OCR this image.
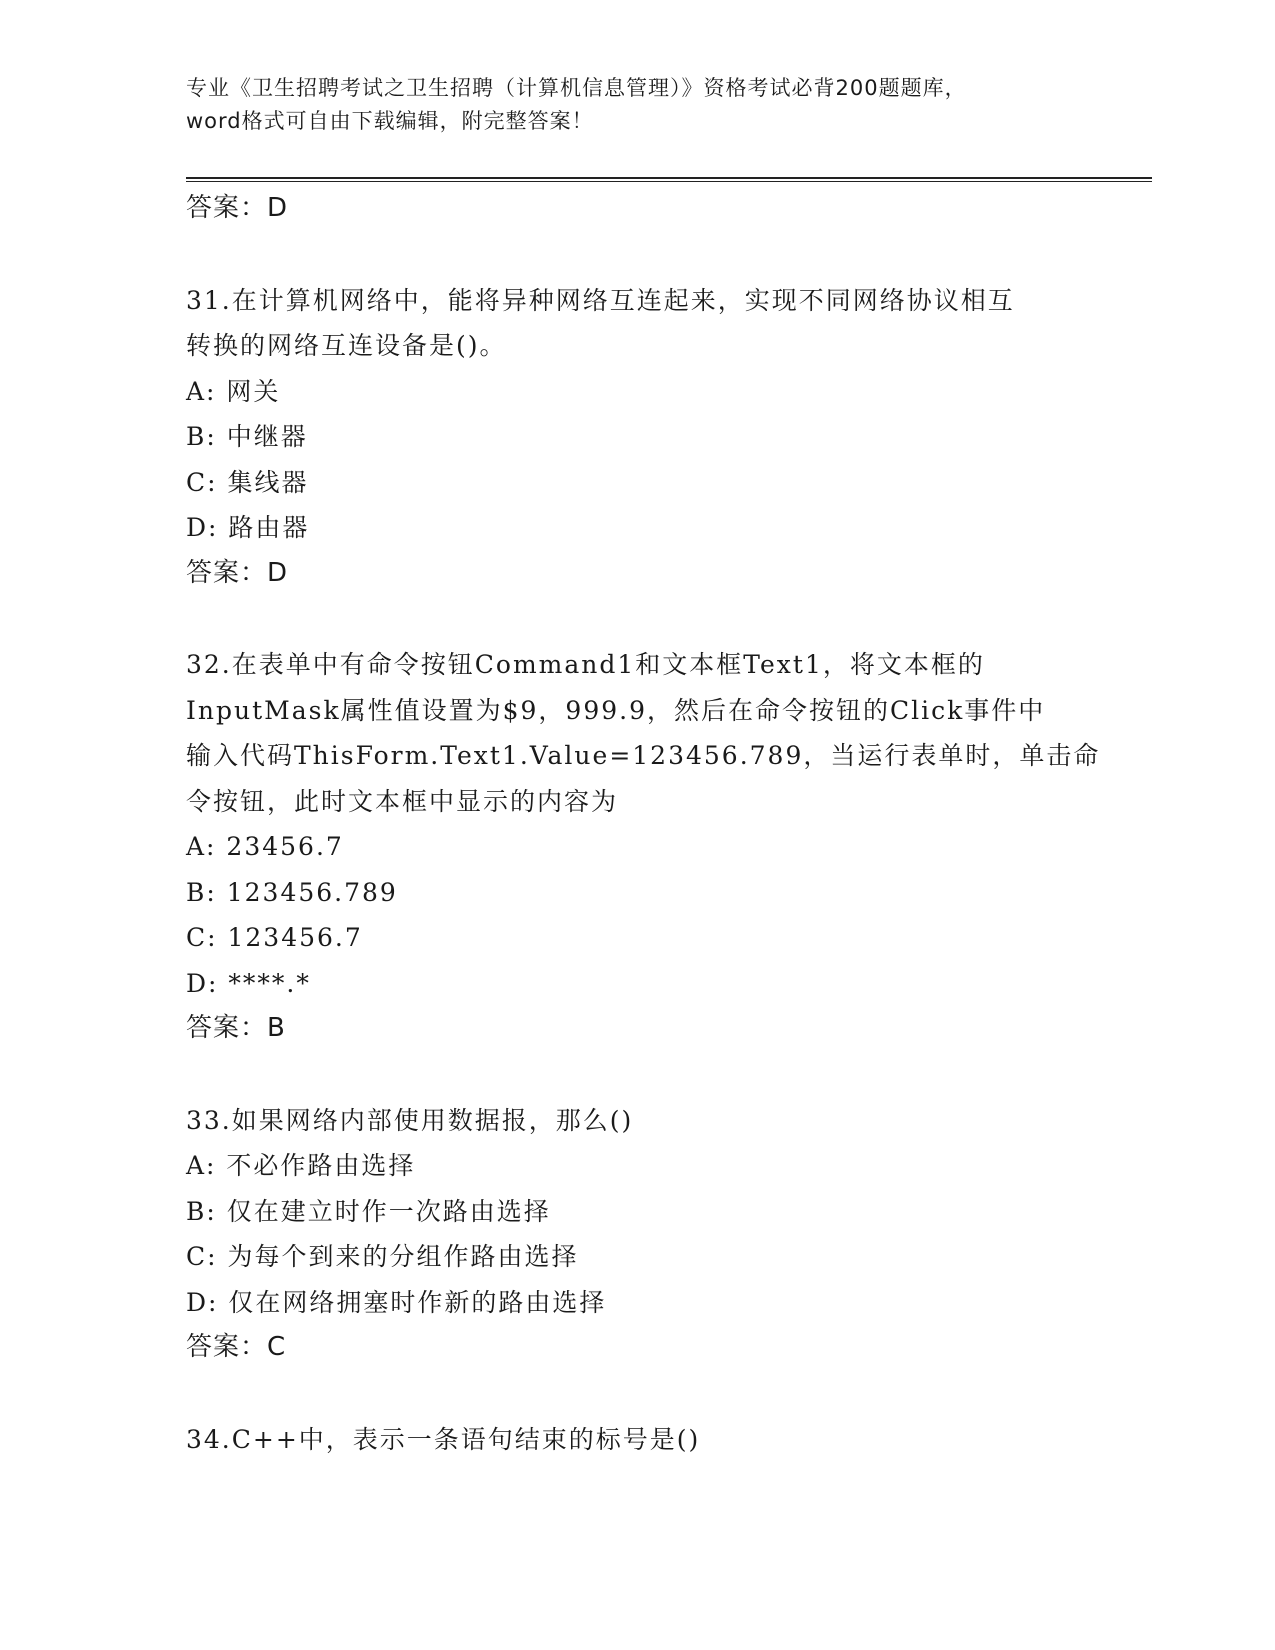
专业《卫生招聘考试之卫生招聘（计算机信息管理）》资格考试必背200题题库，
word格式可自由下载编辑，附完整答案！
答案：D
31.在计算机网络中，能将异种网络互连起来，实现不同网络协议相互
转换的网络互连设备是()。
A: 网关
B: 中继器
C: 集线器
D: 路由器
答案：D
32.在表单中有命令按钮Command1和文本框Text1，将文本框的
InputMask属性值设置为$9，999.9，然后在命令按钮的Click事件中
输入代码ThisForm.Text1.Value=123456.789，当运行表单时，单击命
令按钮，此时文本框中显示的内容为
A: 23456.7
B: 123456.789
C: 123456.7
D: ****.*
答案：B
33.如果网络内部使用数据报，那么()
A: 不必作路由选择
B: 仅在建立时作一次路由选择
C: 为每个到来的分组作路由选择
D: 仅在网络拥塞时作新的路由选择
答案：C
34.C++中，表示一条语句结束的标号是()
